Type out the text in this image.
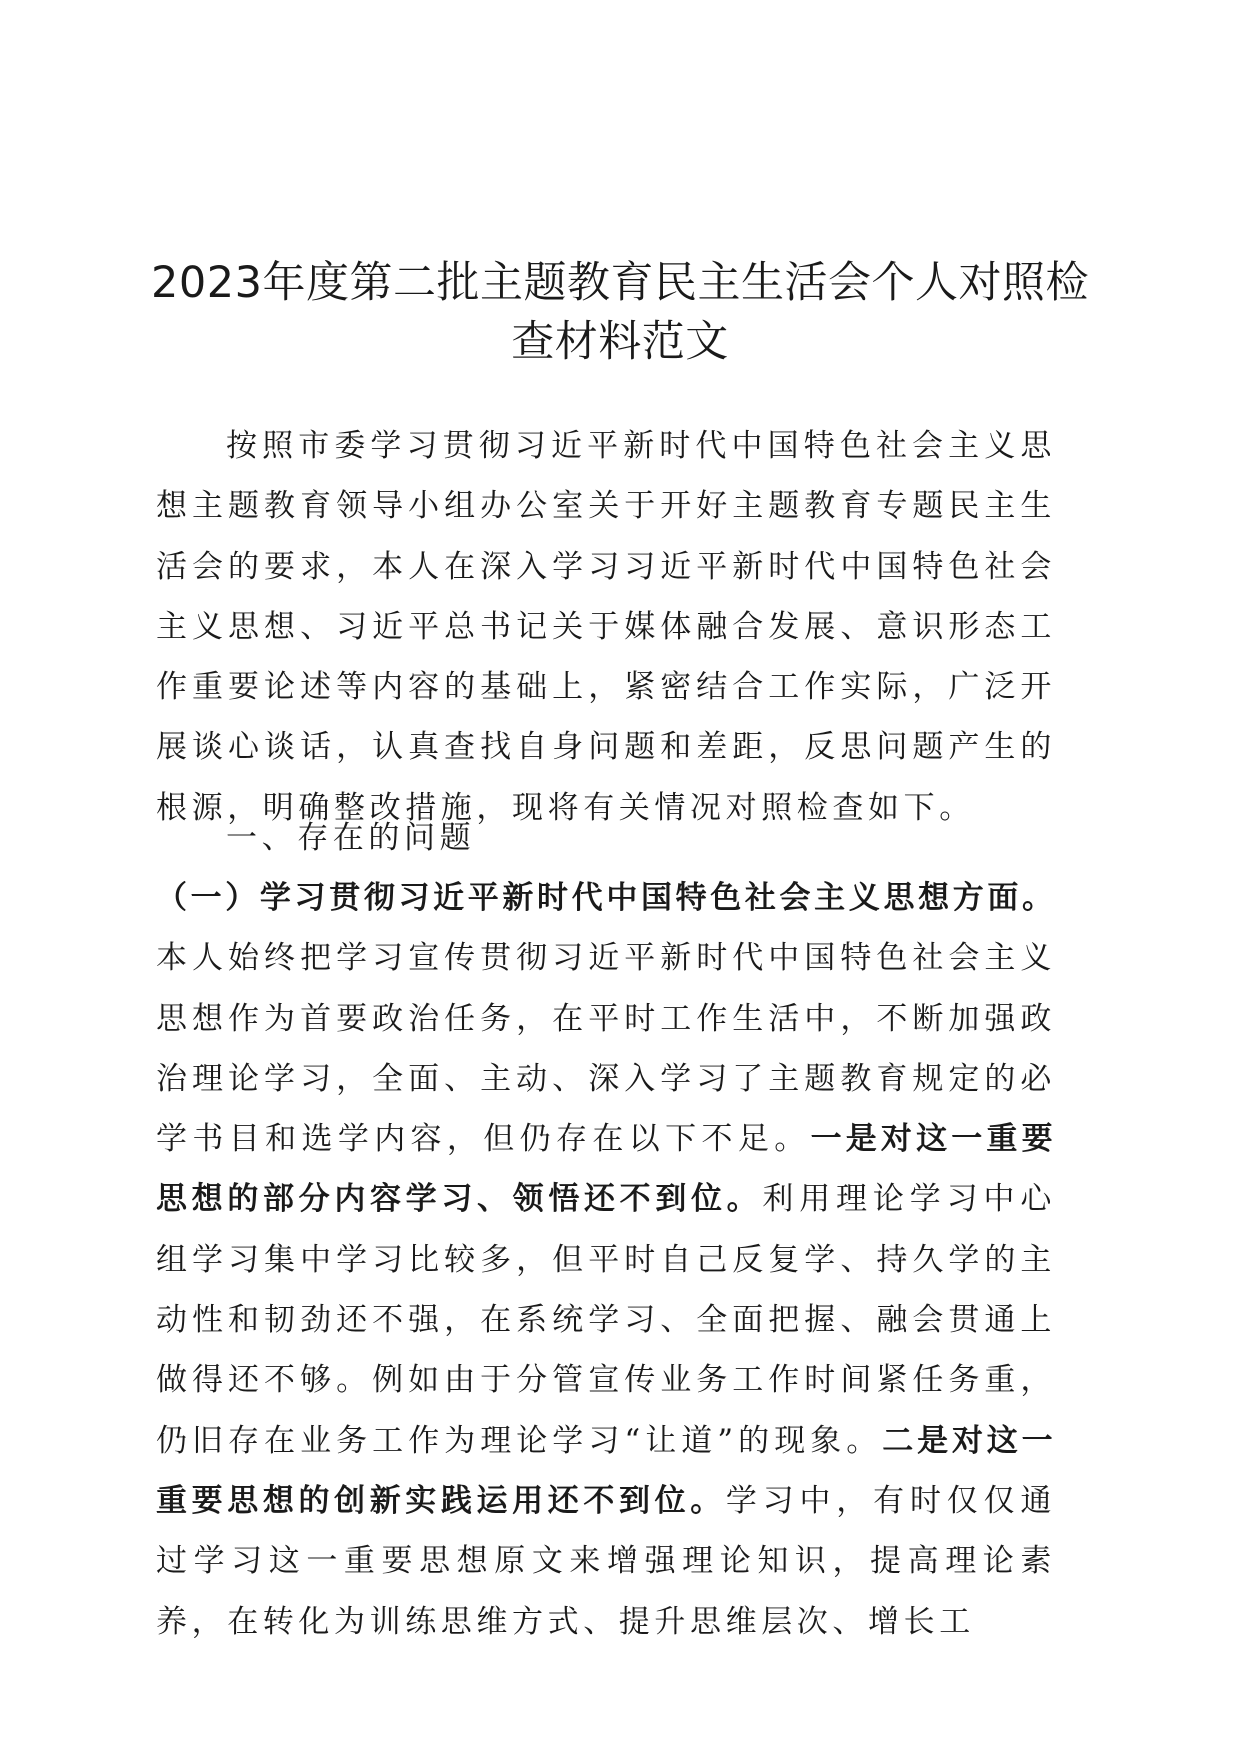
2023年度第二批主题教育民主生活会个人对照检查材料范文

按照市委学习贯彻习近平新时代中国特色社会主义思想主题教育领导小组办公室关于开好主题教育专题民主生活会的要求，本人在深入学习习近平新时代中国特色社会主义思想、习近平总书记关于媒体融合发展、意识形态工作重要论述等内容的基础上，紧密结合工作实际，广泛开展谈心谈话，认真查找自身问题和差距，反思问题产生的根源，明确整改措施，现将有关情况对照检查如下。

一、存在的问题

（一）学习贯彻习近平新时代中国特色社会主义思想方面。本人始终把学习宣传贯彻习近平新时代中国特色社会主义思想作为首要政治任务，在平时工作生活中，不断加强政治理论学习，全面、主动、深入学习了主题教育规定的必学书目和选学内容，但仍存在以下不足。一是对这一重要思想的部分内容学习、领悟还不到位。利用理论学习中心组学习集中学习比较多，但平时自己反复学、持久学的主动性和韧劲还不强，在系统学习、全面把握、融会贯通上做得还不够。例如由于分管宣传业务工作时间紧任务重，仍旧存在业务工作为理论学习“让道”的现象。二是对这一重要思想的创新实践运用还不到位。学习中，有时仅仅通过学习这一重要思想原文来增强理论知识，提高理论素养，在转化为训练思维方式、提升思维层次、增长工
